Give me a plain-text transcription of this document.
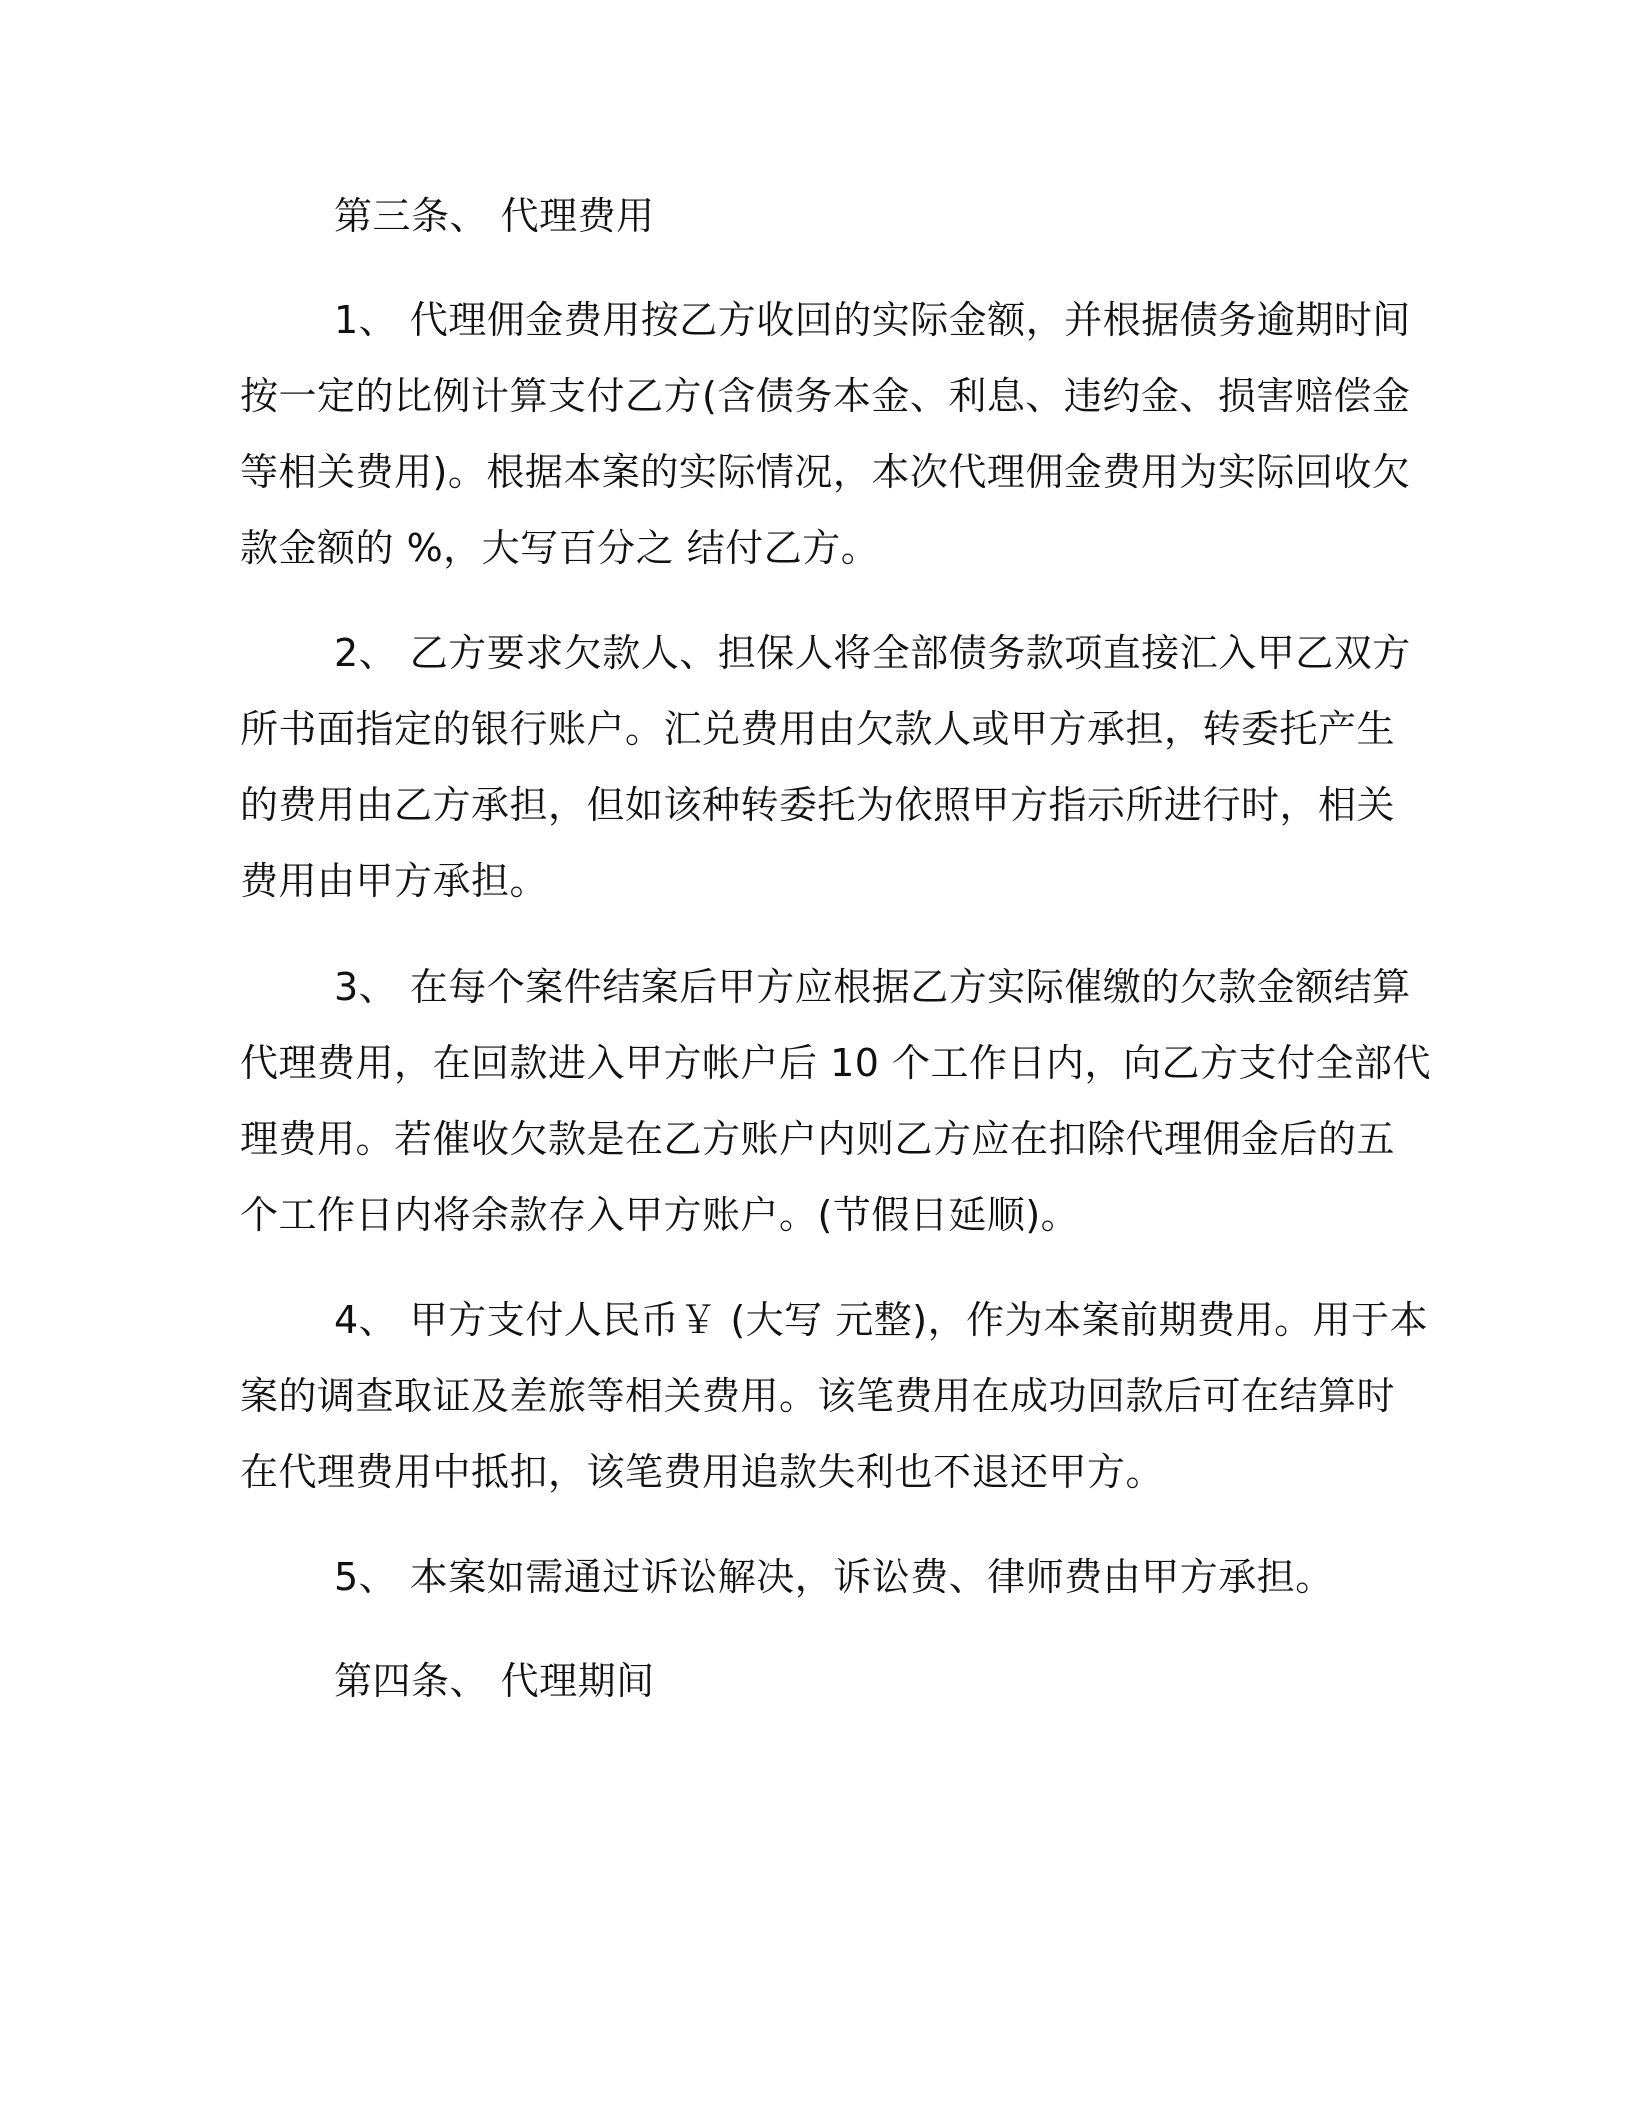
第三条、 代理费用

1、 代理佣金费用按乙方收回的实际金额，并根据债务逾期时间

按一定的比例计算支付乙方(含债务本金、利息、违约金、损害赔偿金

等相关费用)。根据本案的实际情况，本次代理佣金费用为实际回收欠

款金额的 %，大写百分之 结付乙方。

2、 乙方要求欠款人、担保人将全部债务款项直接汇入甲乙双方

所书面指定的银行账户。汇兑费用由欠款人或甲方承担，转委托产生

的费用由乙方承担，但如该种转委托为依照甲方指示所进行时，相关

费用由甲方承担。

3、 在每个案件结案后甲方应根据乙方实际催缴的欠款金额结算

代理费用，在回款进入甲方帐户后 10 个工作日内，向乙方支付全部代

理费用。若催收欠款是在乙方账户内则乙方应在扣除代理佣金后的五

个工作日内将余款存入甲方账户。(节假日延顺)。

4、 甲方支付人民币￥ (大写 元整)，作为本案前期费用。用于本

案的调查取证及差旅等相关费用。该笔费用在成功回款后可在结算时

在代理费用中抵扣，该笔费用追款失利也不退还甲方。

5、 本案如需通过诉讼解决，诉讼费、律师费由甲方承担。

第四条、 代理期间
